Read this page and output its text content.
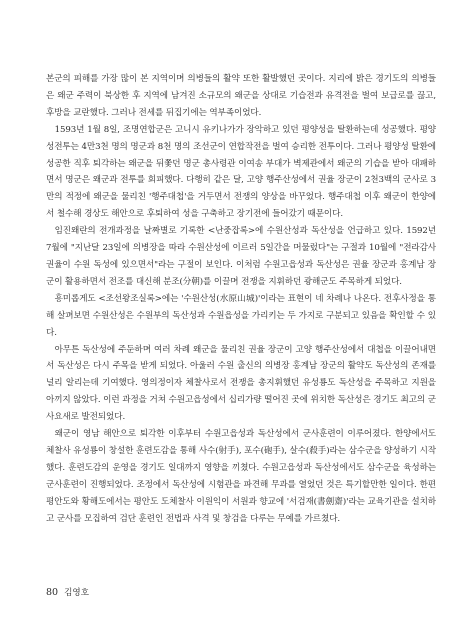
본군의 피해를 가장 많이 본 지역이며 의병들의 활약 또한 활발했던 곳이다. 지리에 밝은 경기도의 의병들은 왜군 주력이 북상한 후 지역에 남겨진 소규모의 왜군을 상대로 기습전과 유격전을 벌여 보급로를 끊고, 후방을 교란했다. 그러나 전세를 뒤집기에는 역부족이었다.

1593년 1월 8일, 조명연합군은 고니시 유키나가가 장악하고 있던 평양성을 탈환하는데 성공했다. 평양성전투는 4만3천 명의 명군과 8천 명의 조선군이 연합작전을 벌여 승리한 전투이다. 그러나 평양성 탈환에 성공한 직후 퇴각하는 왜군을 뒤쫓던 명군 총사령관 이여송 부대가 벽제관에서 왜군의 기습을 받아 대패하면서 명군은 왜군과 전투를 회피했다. 다행히 같은 달, 고양 행주산성에서 권율 장군이 2천3백의 군사로 3만의 적정에 왜군을 물리친 '행주대첩'을 거두면서 전쟁의 양상을 바꾸었다. 행주대첩 이후 왜군이 한양에서 철수해 경상도 해안으로 후퇴하여 성을 구축하고 장기전에 들어갔기 때문이다.

임진왜란의 전개과정을 날짜별로 기록한 <난중잡록>에 수원산성과 독산성을 언급하고 있다. 1592년 7월에 "지난달 23일에 의병장을 따라 수원산성에 이르러 5일간을 머물렀다"는 구절과 10월에 "전라감사 권율이 수원 독성에 있으면서"라는 구절이 보인다. 이처럼 수원고읍성과 독산성은 권율 장군과 홍계남 장군이 활용하면서 전조를 대신해 분조(分朝)를 이끌며 전쟁을 지휘하던 광해군도 주목하게 되었다.

흥미롭게도 <조선왕조실록>에는 '수원산성(水原山城)'이라는 표현이 네 차례나 나온다. 전후사정을 통해 살펴보면 수원산성은 수원부의 독산성과 수원읍성을 가리키는 두 가지로 구분되고 있음을 확인할 수 있다.

아무튼 독산성에 주둔하며 여러 차례 왜군을 물리친 권율 장군이 고양 행주산성에서 대첩을 이끌어내면서 독산성은 다시 주목을 받게 되었다. 아울러 수원 출신의 의병장 홍계남 장군의 활약도 독산성의 존재를 널리 알리는데 기여했다. 영의정이자 체찰사로서 전쟁을 총지휘했던 유성룡도 독산성을 주목하고 지원을 아끼지 않았다. 이런 과정을 거쳐 수원고읍성에서 십리가량 떨어진 곳에 위치한 독산성은 경기도 최고의 군사요새로 발전되었다.

왜군이 영남 해안으로 퇴각한 이후부터 수원고읍성과 독산성에서 군사훈련이 이루어졌다. 한양에서도 체찰사 유성룡이 창설한 훈련도감을 통해 사수(射手), 포수(砲手), 살수(殺手)라는 삼수군을 양성하기 시작했다. 훈련도감의 운영을 경기도 일대까지 영향을 끼쳤다. 수원고읍성과 독산성에서도 삼수군을 육성하는 군사훈련이 진행되었다. 조정에서 독산성에 시험관을 파견해 무과를 열었던 것은 특기할만한 일이다. 한편 평안도와 황해도에서는 평안도 도체찰사 이원익이 서원과 향교에 '서검재(書劍齋)'라는 교육기관을 설치하고 군사를 모집하여 검단 훈련인 전법과 사격 및 창검을 다루는 무예를 가르쳤다.

80 김영호
